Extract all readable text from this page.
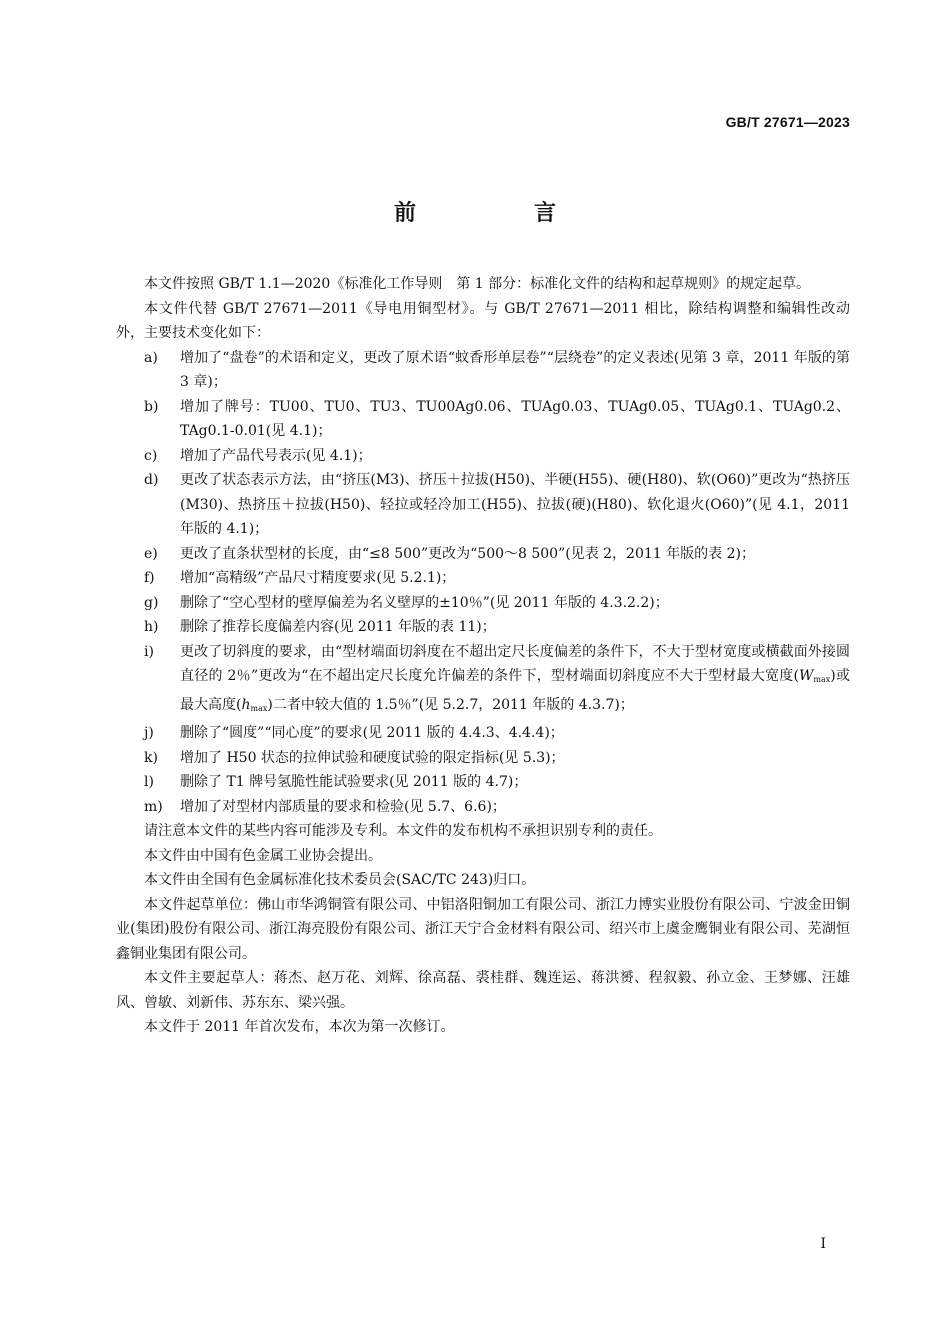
GB/T 27671—2023
前　言

本文件按照 GB/T 1.1—2020《标准化工作导则　第 1 部分：标准化文件的结构和起草规则》的规定起草。

本文件代替 GB/T 27671—2011《导电用铜型材》。与 GB/T 27671—2011 相比，除结构调整和编辑性改动外，主要技术变化如下：

a) 增加了“盘卷”的术语和定义，更改了原术语“蚊香形单层卷”“层绕卷”的定义表述(见第 3 章，2011 年版的第 3 章)；
b) 增加了牌号：TU00、TU0、TU3、TU00Ag0.06、TUAg0.03、TUAg0.05、TUAg0.1、TUAg0.2、TAg0.1-0.01(见 4.1)；
c) 增加了产品代号表示(见 4.1)；
d) 更改了状态表示方法，由“挤压(M3)、挤压＋拉拔(H50)、半硬(H55)、硬(H80)、软(O60)”更改为“热挤压(M30)、热挤压＋拉拔(H50)、轻拉或轻冷加工(H55)、拉拔(硬)(H80)、软化退火(O60)”(见 4.1，2011 年版的 4.1)；
e) 更改了直条状型材的长度，由“≤8 500”更改为“500～8 500”(见表 2，2011 年版的表 2)；
f) 增加“高精级”产品尺寸精度要求(见 5.2.1)；
g) 删除了“空心型材的壁厚偏差为名义壁厚的±10％”(见 2011 年版的 4.3.2.2)；
h) 删除了推荐长度偏差内容(见 2011 年版的表 11)；
i) 更改了切斜度的要求，由“型材端面切斜度在不超出定尺长度偏差的条件下，不大于型材宽度或横截面外接圆直径的 2％”更改为“在不超出定尺长度允许偏差的条件下，型材端面切斜度应不大于型材最大宽度$(W_{max})$或最大高度$(h_{max})$二者中较大值的 1.5％”(见 5.2.7，2011 年版的 4.3.7)；
j) 删除了“圆度”“同心度”的要求(见 2011 版的 4.4.3、4.4.4)；
k) 增加了 H50 状态的拉伸试验和硬度试验的限定指标(见 5.3)；
l) 删除了 T1 牌号氢脆性能试验要求(见 2011 版的 4.7)；
m) 增加了对型材内部质量的要求和检验(见 5.7、6.6)；

请注意本文件的某些内容可能涉及专利。本文件的发布机构不承担识别专利的责任。

本文件由中国有色金属工业协会提出。

本文件由全国有色金属标准化技术委员会(SAC/TC 243)归口。

本文件起草单位：佛山市华鸿铜管有限公司、中铝洛阳铜加工有限公司、浙江力博实业股份有限公司、宁波金田铜业(集团)股份有限公司、浙江海亮股份有限公司、浙江天宁合金材料有限公司、绍兴市上虞金鹰铜业有限公司、芜湖恒鑫铜业集团有限公司。

本文件主要起草人：蒋杰、赵万花、刘辉、徐高磊、裘桂群、魏连运、蒋洪赟、程叙毅、孙立金、王梦娜、汪雄风、曾敏、刘新伟、苏东东、梁兴强。

本文件于 2011 年首次发布，本次为第一次修订。

I
